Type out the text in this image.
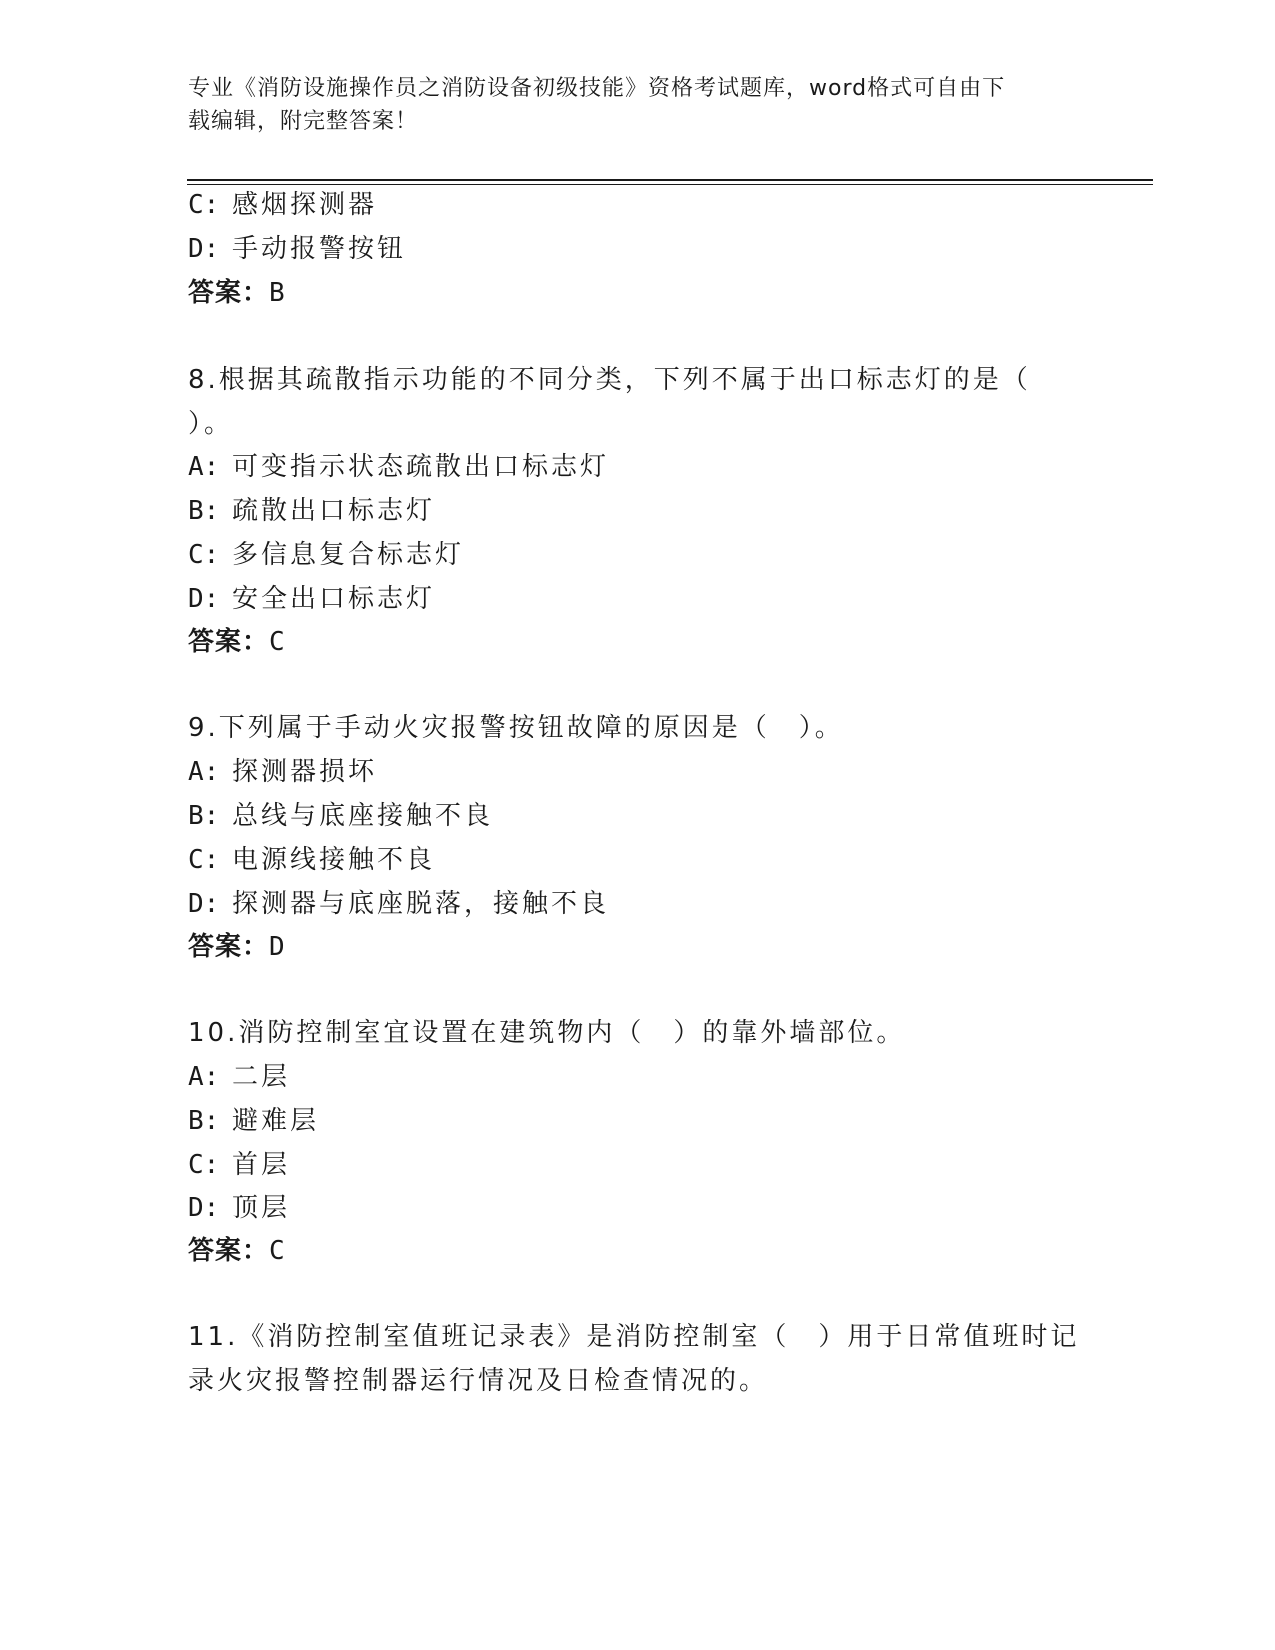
专业《消防设施操作员之消防设备初级技能》资格考试题库，word格式可自由下
载编辑，附完整答案！
C: 感烟探测器
D: 手动报警按钮
答案：B
8.根据其疏散指示功能的不同分类，下列不属于出口标志灯的是（
）。
A: 可变指示状态疏散出口标志灯
B: 疏散出口标志灯
C: 多信息复合标志灯
D: 安全出口标志灯
答案：C
9.下列属于手动火灾报警按钮故障的原因是（　）。
A: 探测器损坏
B: 总线与底座接触不良
C: 电源线接触不良
D: 探测器与底座脱落，接触不良
答案：D
10.消防控制室宜设置在建筑物内（　）的靠外墙部位。
A: 二层
B: 避难层
C: 首层
D: 顶层
答案：C
11.《消防控制室值班记录表》是消防控制室（　）用于日常值班时记
录火灾报警控制器运行情况及日检查情况的。
